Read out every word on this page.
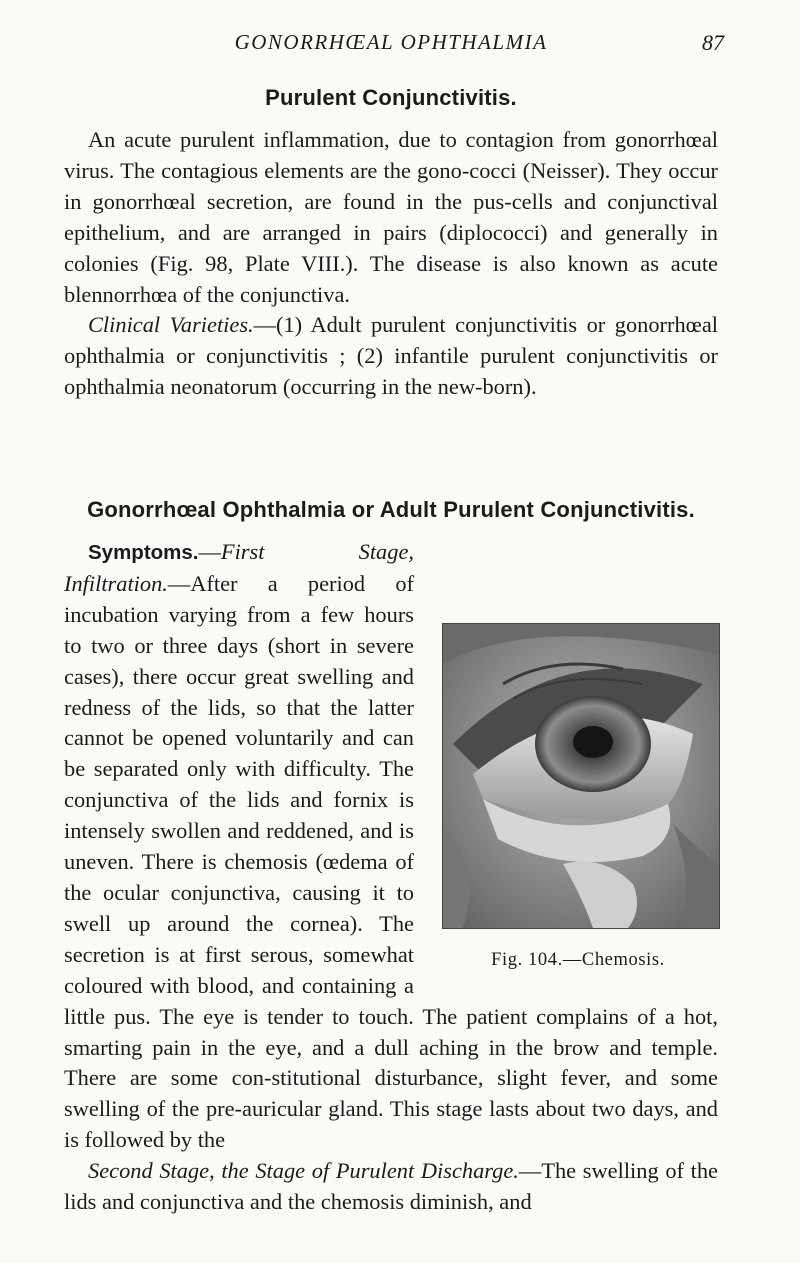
GONORRHŒAL OPHTHALMIA	87
Purulent Conjunctivitis.

An acute purulent inflammation, due to contagion from gonorrhœal virus. The contagious elements are the gono-cocci (Neisser). They occur in gonorrhœal secretion, are found in the pus-cells and conjunctival epithelium, and are arranged in pairs (diplococci) and generally in colonies (Fig. 98, Plate VIII.). The disease is also known as acute blennorrhœa of the conjunctiva.

Clinical Varieties.—(1) Adult purulent conjunctivitis or gonorrhœal ophthalmia or conjunctivitis ; (2) infantile purulent conjunctivitis or ophthalmia neonatorum (occurring in the new-born).

Gonorrhœal Ophthalmia or Adult Purulent Conjunctivitis.
Fig. 104.—Chemosis.

Symptoms.—First Stage, Infiltration.—After a period of incubation varying from a few hours to two or three days (short in severe cases), there occur great swelling and redness of the lids, so that the latter cannot be opened voluntarily and can be separated only with difficulty. The conjunctiva of the lids and fornix is intensely swollen and reddened, and is uneven. There is chemosis (œdema of the ocular conjunctiva, causing it to swell up around the cornea). The secretion is at first serous, somewhat coloured with blood, and containing a little pus. The eye is tender to touch. The patient complains of a hot, smarting pain in the eye, and a dull aching in the brow and temple. There are some con-stitutional disturbance, slight fever, and some swelling of the pre-auricular gland. This stage lasts about two days, and is followed by the

Second Stage, the Stage of Purulent Discharge.—The swelling of the lids and conjunctiva and the chemosis diminish, and
